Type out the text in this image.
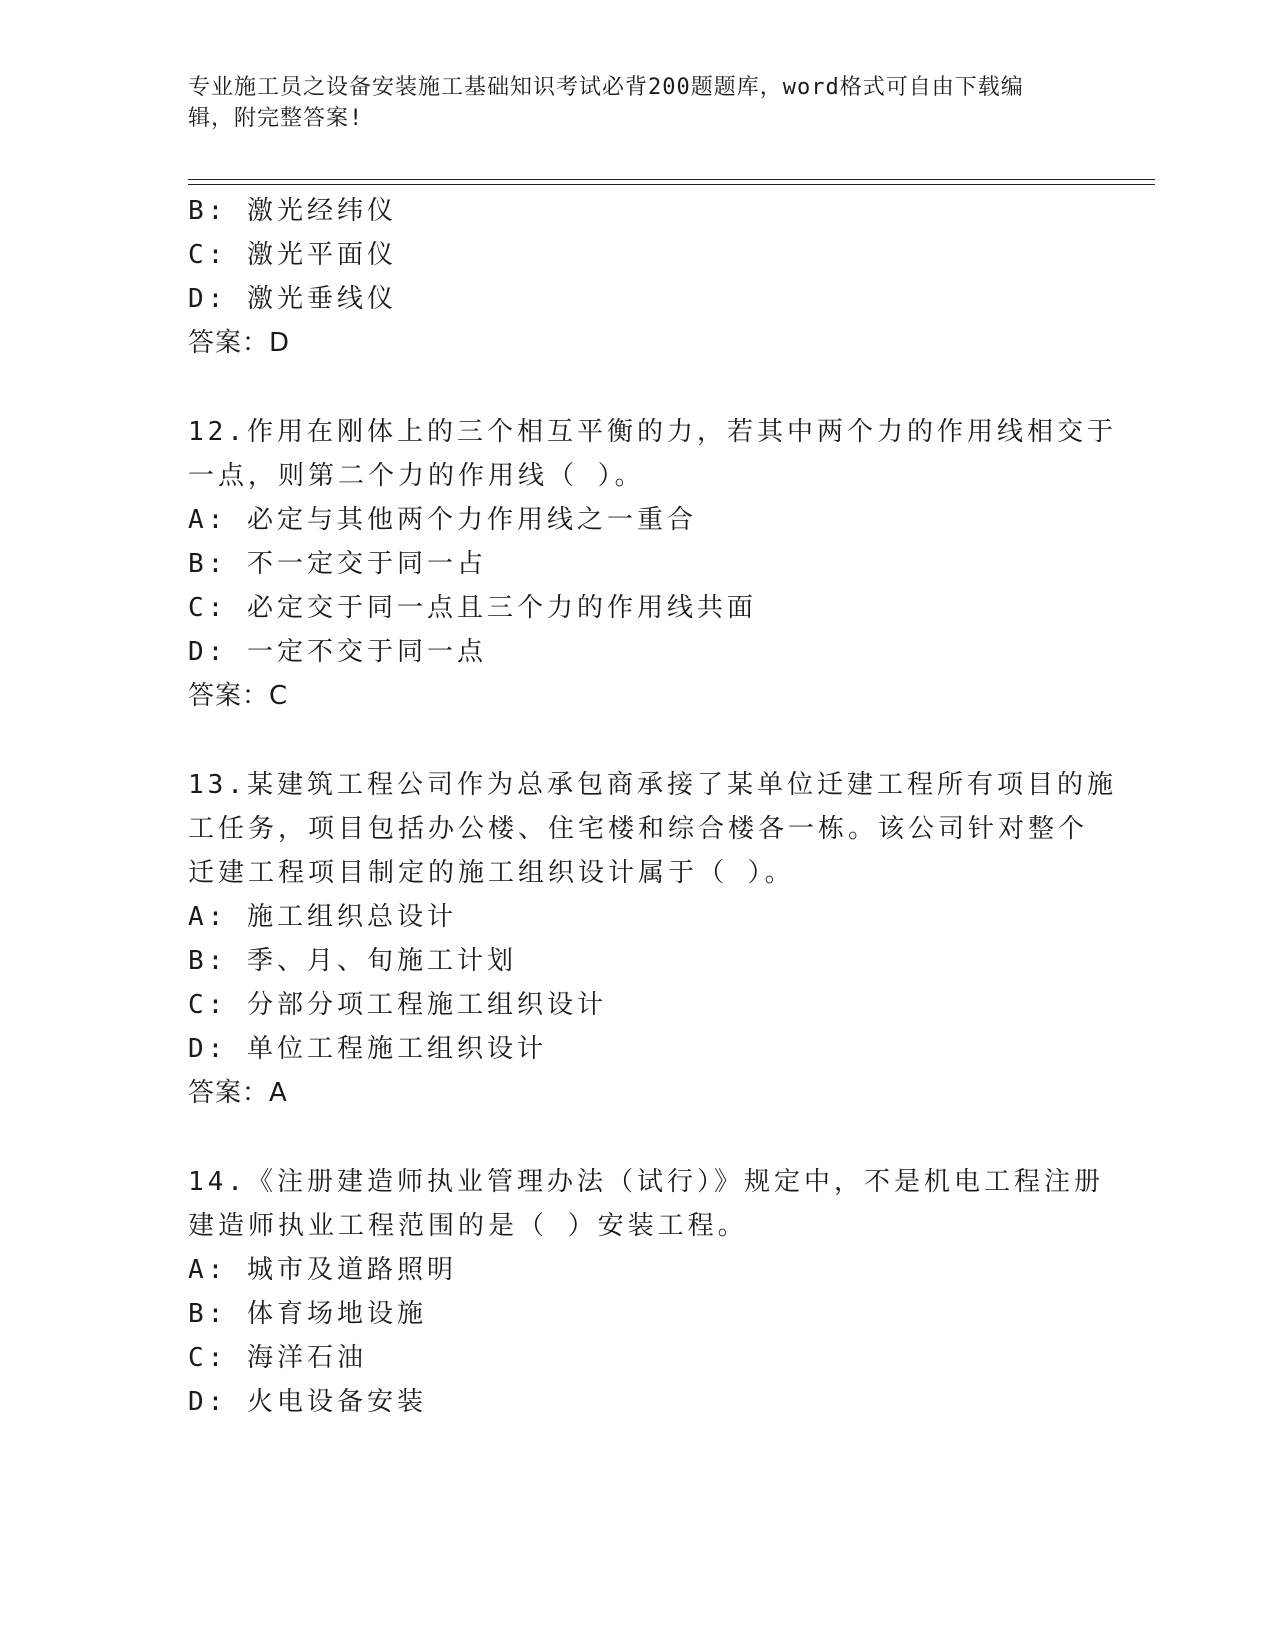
专业施工员之设备安装施工基础知识考试必背200题题库，word格式可自由下载编辑，附完整答案!
B: 激光经纬仪
C: 激光平面仪
D: 激光垂线仪
答案：D
12.作用在刚体上的三个相互平衡的力，若其中两个力的作用线相交于
一点，则第二个力的作用线（ ）。
A: 必定与其他两个力作用线之一重合
B: 不一定交于同一占
C: 必定交于同一点且三个力的作用线共面
D: 一定不交于同一点
答案：C
13.某建筑工程公司作为总承包商承接了某单位迁建工程所有项目的施
工任务，项目包括办公楼、住宅楼和综合楼各一栋。该公司针对整个
迁建工程项目制定的施工组织设计属于（ ）。
A: 施工组织总设计
B: 季、月、旬施工计划
C: 分部分项工程施工组织设计
D: 单位工程施工组织设计
答案：A
14.《注册建造师执业管理办法（试行）》规定中，不是机电工程注册
建造师执业工程范围的是（ ）安装工程。
A: 城市及道路照明
B: 体育场地设施
C: 海洋石油
D: 火电设备安装
